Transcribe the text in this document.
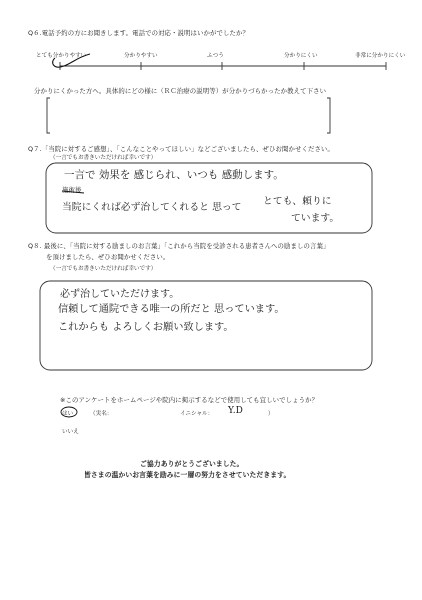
Q６.電話予約の方にお聞きします。電話での対応・説明はいかがでしたか？
とても分かりやすい	分かりやすい	ふつう	分かりにくい	非常に分かりにくい
分かりにくかった方へ。具体的にどの様に（ＲＣ治療の説明等）が分かりづらかったか教えて下さい
Q７.「当院に対するご感想」、「こんなことやってほしい」などございましたら、ぜひお聞かせください。
（一言でもお書きいただければ幸いです）
一言で 効果を 感じられ、いつも 感動します。
施術後
当院にくれば必ず治してくれると 思って
とても、頼りに
ています。
Q８. 最後に、「当院に対する励ましのお言葉」「これから当院を受診される患者さんへの励ましの言葉」
を頂けましたら、ぜひお聞かせください。
（一言でもお書きいただければ幸いです）
必ず治していただけます。
信頼して通院できる唯一の所だと 思っています。
これからも よろしくお願い致します。
※このアンケートをホームページや院内に掲示するなどで使用しても宜しいでしょうか？
はい	（実名：	イニシャル： Y.D	）
いいえ
ご協力ありがとうございました。
皆さまの温かいお言葉を励みに一層の努力をさせていただきます。
